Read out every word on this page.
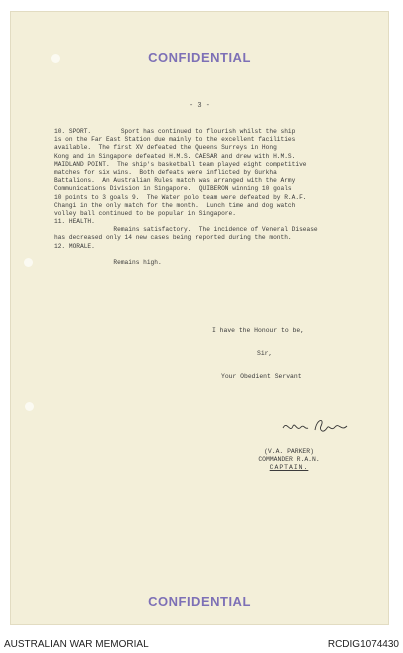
CONFIDENTIAL
- 3 -
10. SPORT.        Sport has continued to flourish whilst the ship
is on the Far East Station due mainly to the excellent facilities
available.  The first XV defeated the Queens Surreys in Hong
Kong and in Singapore defeated H.M.S. CAESAR and drew with H.M.S.
MAIDLAND POINT.  The ship's basketball team played eight competitive
matches for six wins.  Both defeats were inflicted by Gurkha
Battalions.  An Australian Rules match was arranged with the Army
Communications Division in Singapore.  QUIBERON winning 10 goals
10 points to 3 goals 9.  The Water polo team were defeated by R.A.F.
Changi in the only match for the month.  Lunch time and dog watch
volley ball continued to be popular in Singapore.
11. HEALTH.
Remains satisfactory.  The incidence of Veneral Disease
has decreased only 14 new cases being reported during the month.
12. MORALE.
Remains high.
I have the Honour to be,
Sir,
Your Obedient Servant
(V.A. PARKER)
COMMANDER R.A.N.
CAPTAIN.
CONFIDENTIAL
AUSTRALIAN WAR MEMORIAL	RCDIG1074430
